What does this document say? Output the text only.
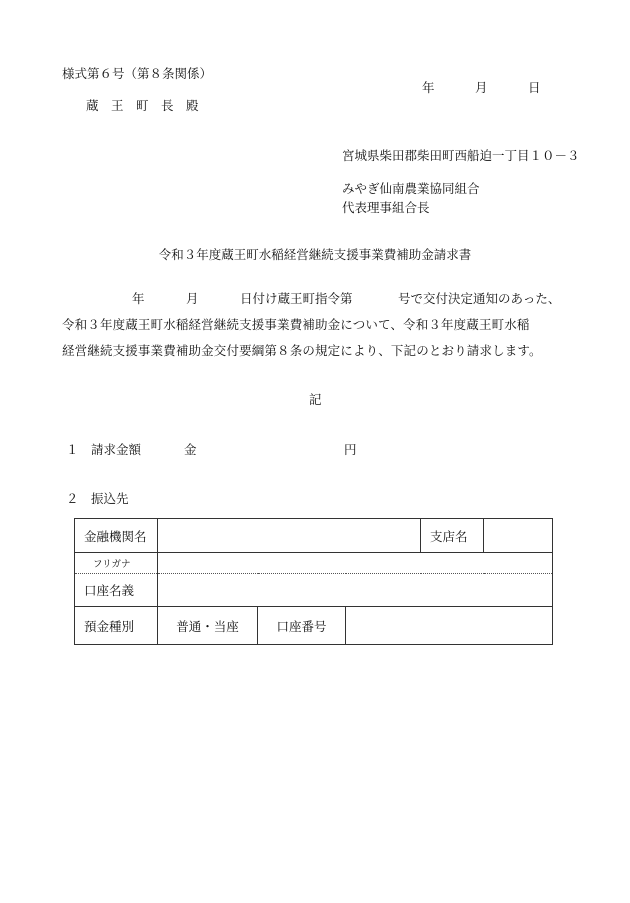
様式第６号（第８条関係）
年	月	日
蔵　王　町　長　殿
宮城県柴田郡柴田町西船迫一丁目１０－３
みやぎ仙南農業協同組合
代表理事組合長
令和３年度蔵王町水稲経営継続支援事業費補助金請求書
年	月	日付け蔵王町指令第	号で交付決定通知のあった、
令和３年度蔵王町水稲経営継続支援事業費補助金について、令和３年度蔵王町水稲
経営継続支援事業費補助金交付要綱第８条の規定により、下記のとおり請求します。
記
１　請求金額	金	円
２　振込先
金融機関名				支店名	
フリガナ					
口座名義					
預金種別	普通・当座	口座番号			
